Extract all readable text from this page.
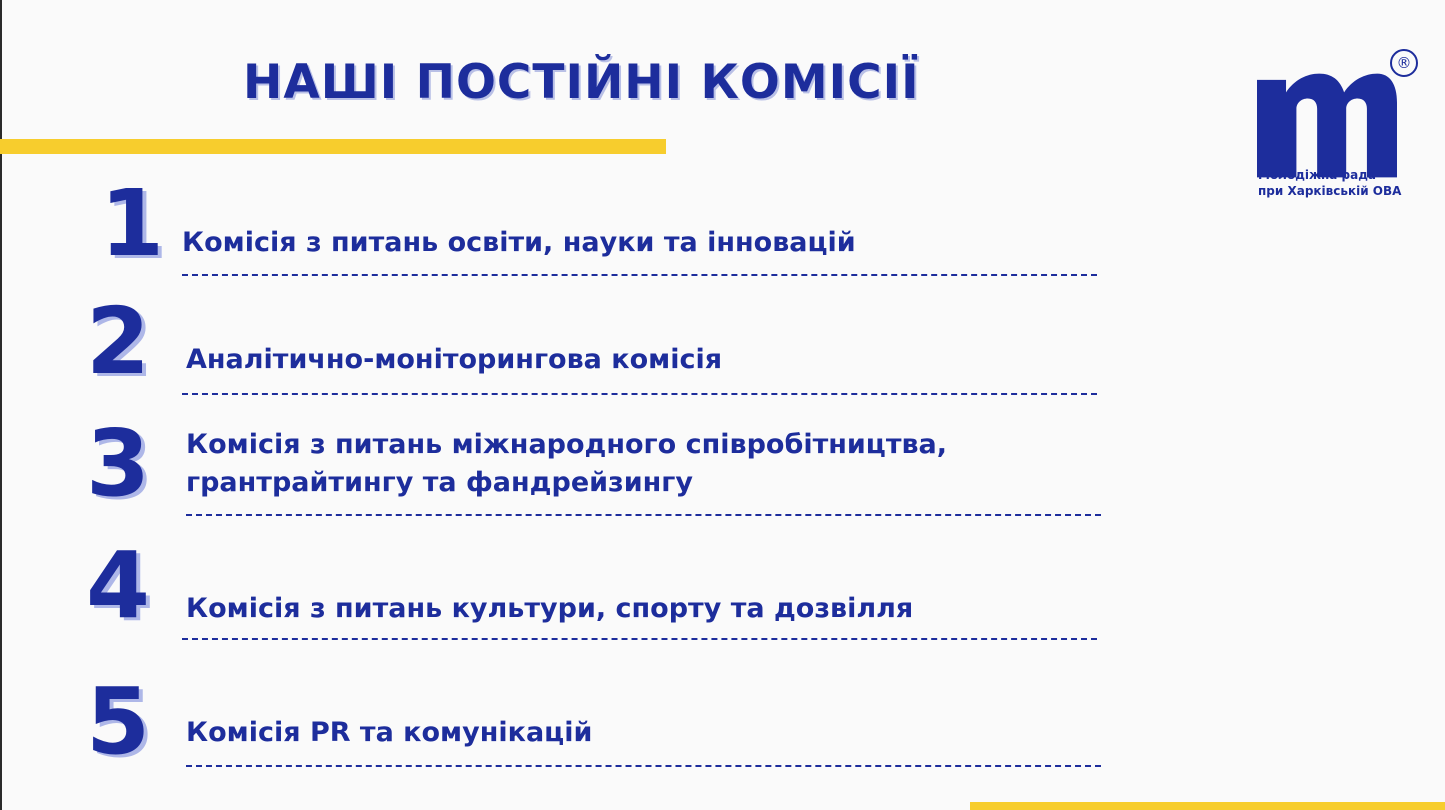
НАШІ ПОСТІЙНІ КОМІСІЇ	®
Молодіжна рада
при Харківській ОВА
1 Комісія з питань освіти, науки та інновацій
2 Аналітично-моніторингова комісія
3 Комісія з питань міжнародного співробітництва,
грантрайтингу та фандрейзингу
4 Комісія з питань культури, спорту та дозвілля
5 Комісія PR та комунікацій
